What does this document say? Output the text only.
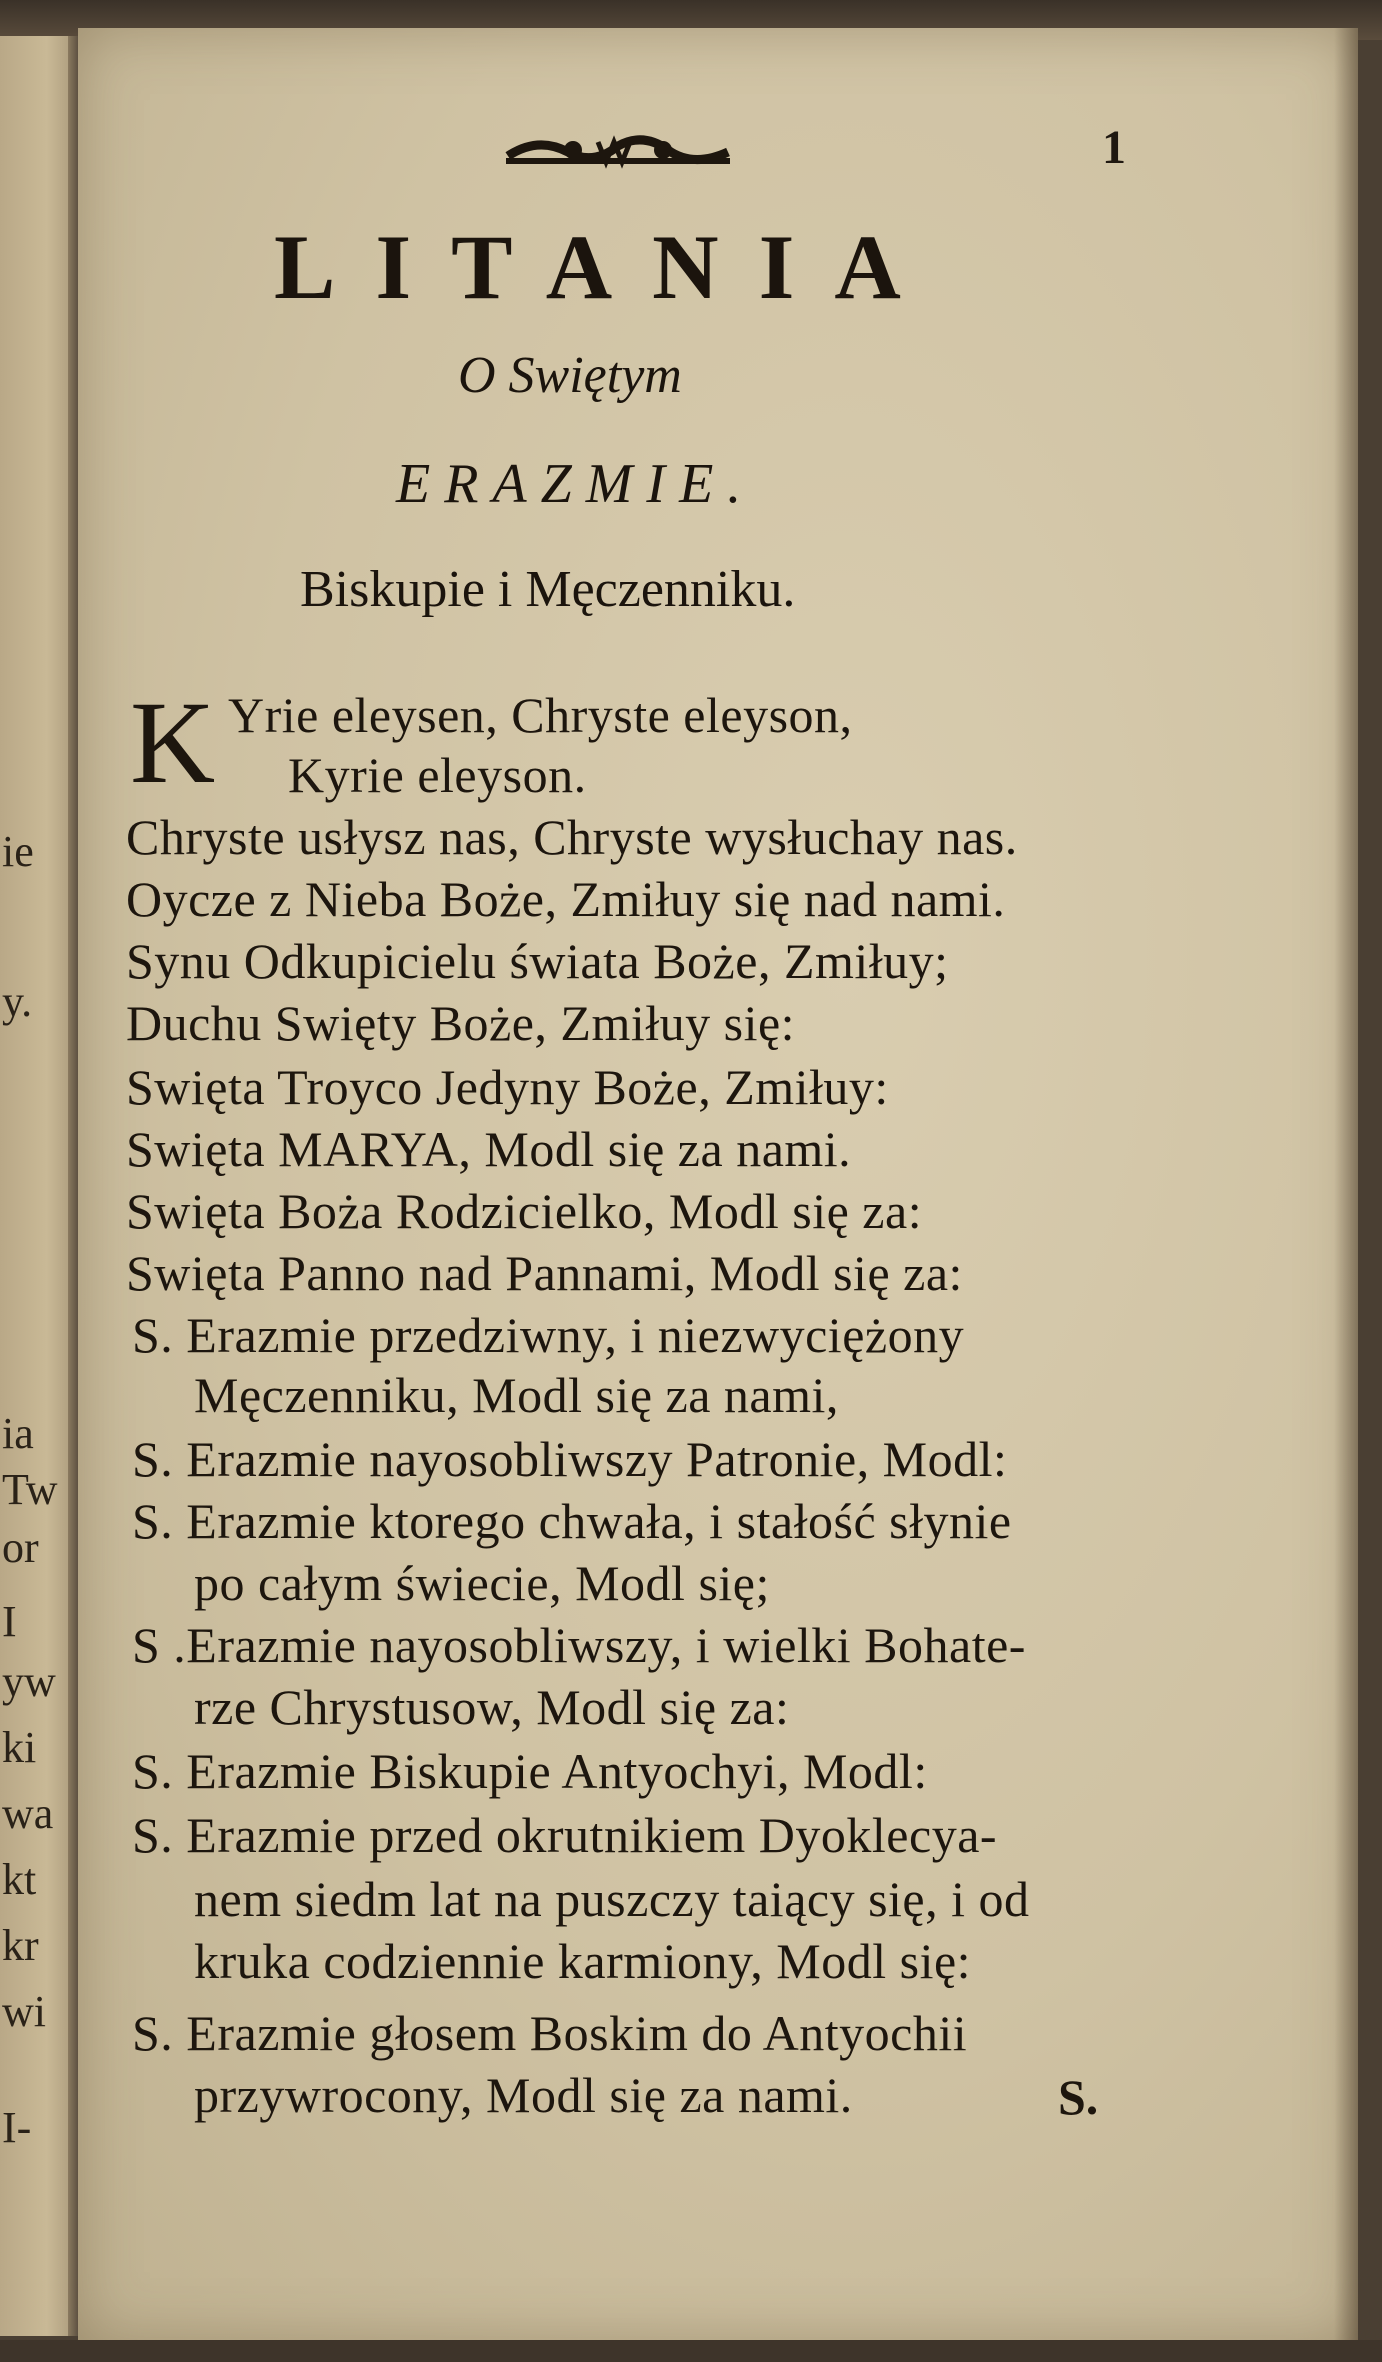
ie
y.
ia
Tw
or
I
yw
ki
wa
kt
kr
wi
I-
1
LITANIA
O Swiętym
ERAZMIE.
Biskupie i Męczenniku.
K Yrie eleysen, Chryste eleyson,
Kyrie eleyson.
Chryste usłysz nas, Chryste wysłuchay nas.
Oycze z Nieba Boże, Zmiłuy się nad nami.
Synu Odkupicielu świata Boże, Zmiłuy;
Duchu Swięty Boże, Zmiłuy się:
Swięta Troyco Jedyny Boże, Zmiłuy:
Swięta MARYA, Modl się za nami.
Swięta Boża Rodzicielko, Modl się za:
Swięta Panno nad Pannami, Modl się za:
S. Erazmie przedziwny, i niezwyciężony
Męczenniku, Modl się za nami,
S. Erazmie nayosobliwszy Patronie, Modl:
S. Erazmie ktorego chwała, i stałość słynie
po całym świecie, Modl się;
S .Erazmie nayosobliwszy, i wielki Bohate-
rze Chrystusow, Modl się za:
S. Erazmie Biskupie Antyochyi, Modl:
S. Erazmie przed okrutnikiem Dyoklecya-
nem siedm lat na puszczy taiący się, i od
kruka codziennie karmiony, Modl się:
S. Erazmie głosem Boskim do Antyochii
przywrocony, Modl się za nami.	S.
